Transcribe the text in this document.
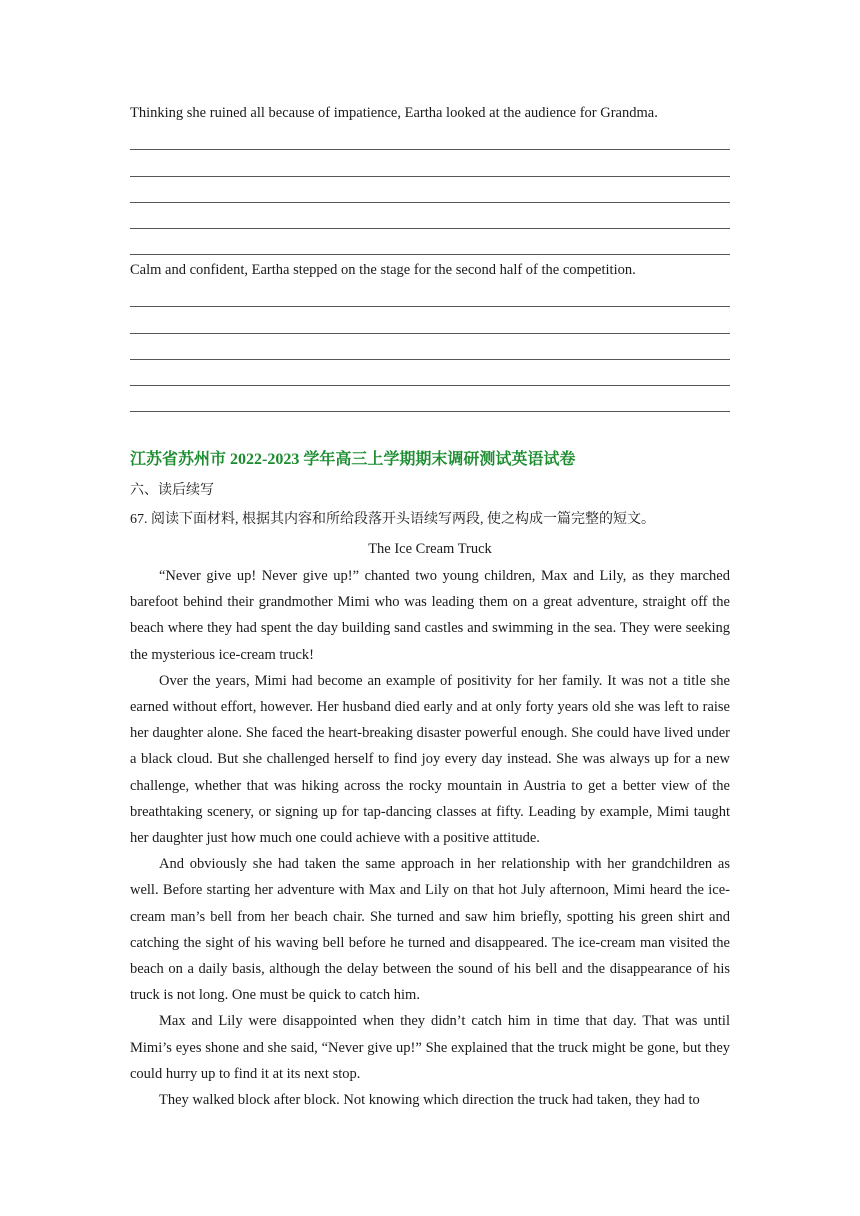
Thinking she ruined all because of impatience, Eartha looked at the audience for Grandma.

Calm and confident, Eartha stepped on the stage for the second half of the competition.

江苏省苏州市 2022-2023 学年高三上学期期末调研测试英语试卷

六、读后续写

67. 阅读下面材料, 根据其内容和所给段落开头语续写两段, 使之构成一篇完整的短文。

The Ice Cream Truck

“Never give up! Never give up!” chanted two young children, Max and Lily, as they marched barefoot behind their grandmother Mimi who was leading them on a great adventure, straight off the beach where they had spent the day building sand castles and swimming in the sea. They were seeking the mysterious ice-cream truck!

Over the years, Mimi had become an example of positivity for her family. It was not a title she earned without effort, however. Her husband died early and at only forty years old she was left to raise her daughter alone. She faced the heart-breaking disaster powerful enough. She could have lived under a black cloud. But she challenged herself to find joy every day instead. She was always up for a new challenge, whether that was hiking across the rocky mountain in Austria to get a better view of the breathtaking scenery, or signing up for tap-dancing classes at fifty. Leading by example, Mimi taught her daughter just how much one could achieve with a positive attitude.

And obviously she had taken the same approach in her relationship with her grandchildren as well. Before starting her adventure with Max and Lily on that hot July afternoon, Mimi heard the ice-cream man’s bell from her beach chair. She turned and saw him briefly, spotting his green shirt and catching the sight of his waving bell before he turned and disappeared. The ice-cream man visited the beach on a daily basis, although the delay between the sound of his bell and the disappearance of his truck is not long. One must be quick to catch him.

Max and Lily were disappointed when they didn’t catch him in time that day. That was until Mimi’s eyes shone and she said, “Never give up!” She explained that the truck might be gone, but they could hurry up to find it at its next stop.

They walked block after block. Not knowing which direction the truck had taken, they had to
